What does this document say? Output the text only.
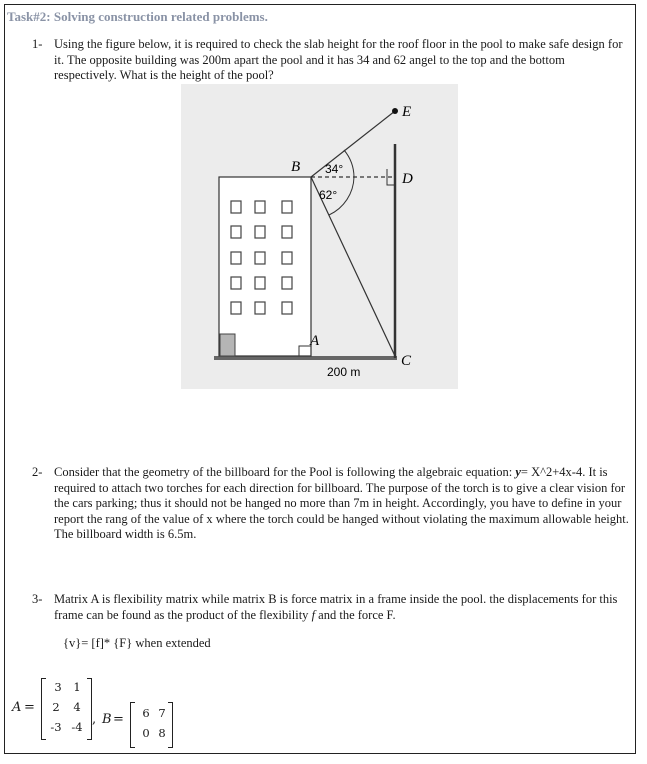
Task#2: Solving construction related problems.
1- Using the figure below, it is required to check the slab height for the roof floor in the pool to make safe design for it. The opposite building was 200m apart the pool and it has 34 and 62 angel to the top and the bottom respectively. What is the height of the pool?
E
D
B
A
C
34°
62°
200 m
2- Consider that the geometry of the billboard for the Pool is following the algebraic equation: y= X^2+4x-4. It is required to attach two torches for each direction for billboard. The purpose of the torch is to give a clear vision for the cars parking; thus it should not be hanged no more than 7m in height. Accordingly, you have to define in your report the rang of the value of x where the torch could be hanged without violating the maximum allowable height. The billboard width is 6.5m.
3- Matrix A is flexibility matrix while matrix B is force matrix in a frame inside the pool. the displacements for this frame can be found as the product of the flexibility f and the force F.
{v}= [f]* {F} when extended
A =
3	1
2	4
-3 -4 , B =	6 7
0 8
